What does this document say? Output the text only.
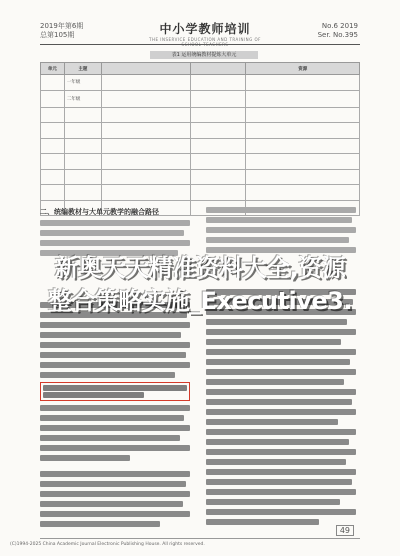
2019年第6期
总第105期	中小学教师培训
THE INSERVICE EDUCATION AND TRAINING OF SCHOOL TEACHERS
No.6 2019
Ser. No.395
表1 运用统编教材提炼大单元
单元	主题			资源
	一年级			
	二年级			

二、统编教材与大单元教学的融合路径
新奥天天精准资料大全,资源
整合策略实施_Executive3.
49
(C)1994-2025 China Academic Journal Electronic Publishing House. All rights reserved.
